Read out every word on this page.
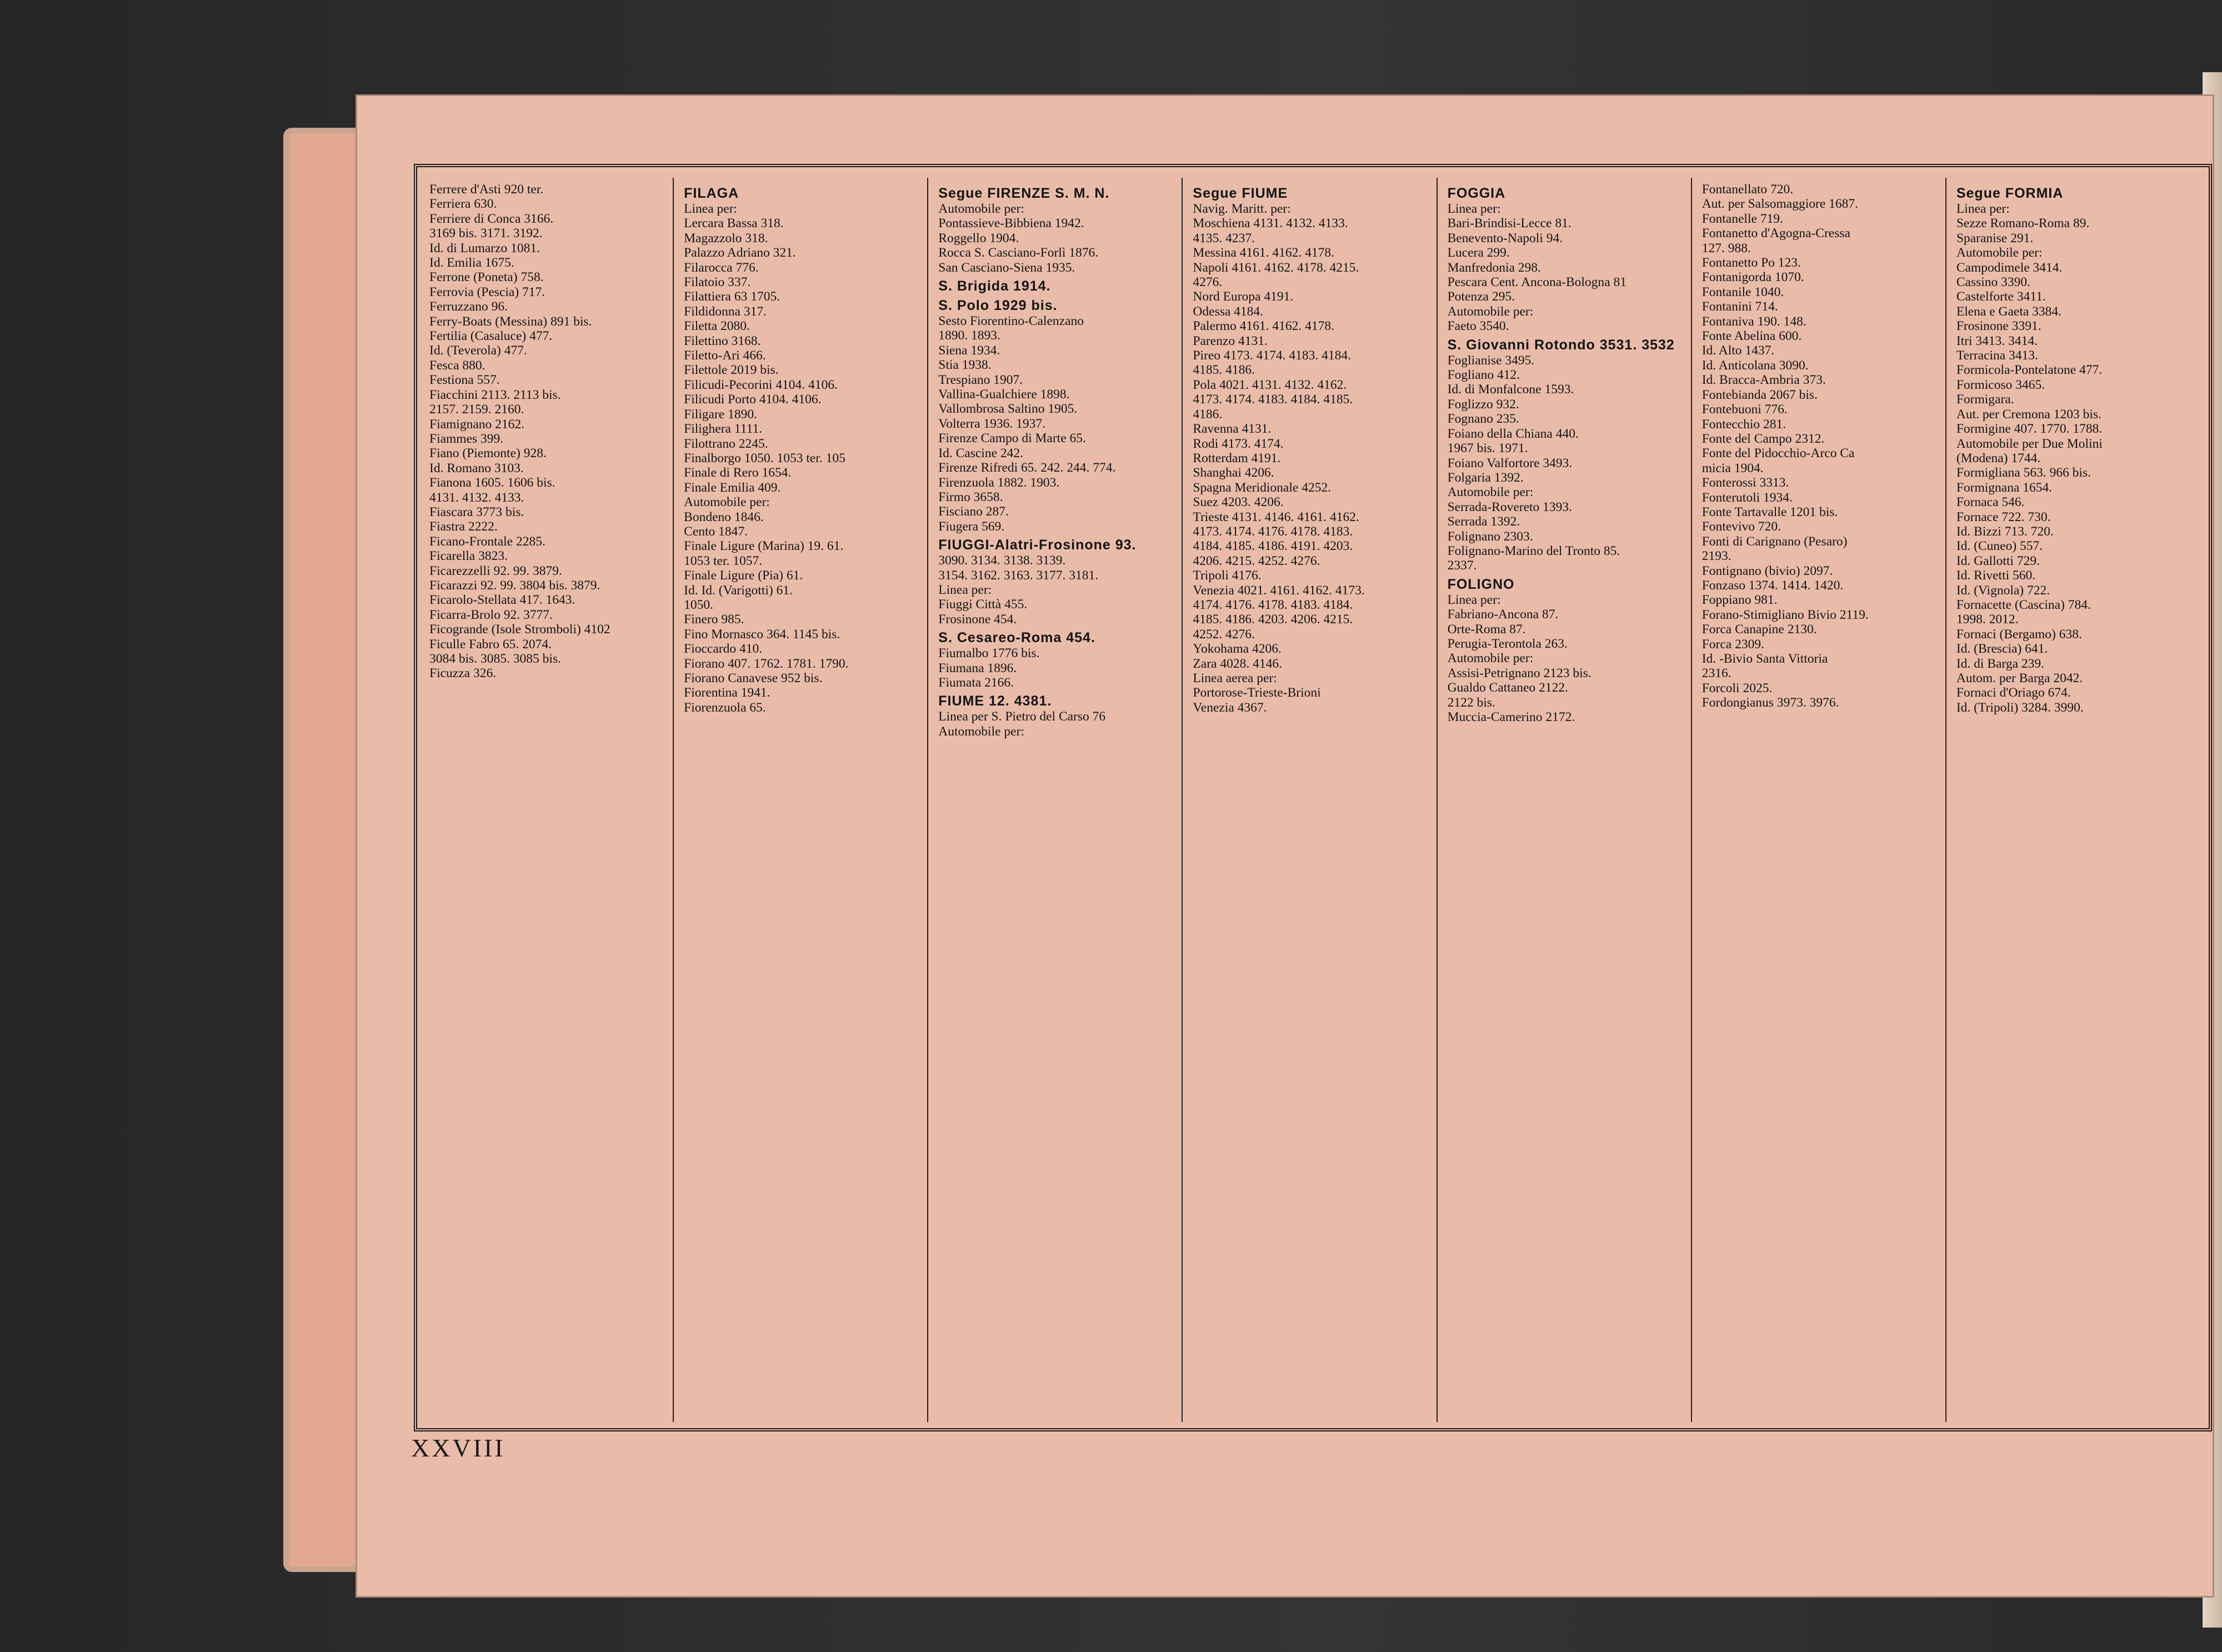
Ferrere d'Asti 920 ter.
Ferriera 630.
Ferriere di Conca 3166.
3169 bis. 3171. 3192.
Id. di Lumarzo 1081.
Id. Emilia 1675.
Ferrone (Poneta) 758.
Ferrovia (Pescia) 717.
Ferruzzano 96.
Ferry-Boats (Messina) 891 bis.
Fertilia (Casaluce) 477.
Id. (Teverola) 477.
Fesca 880.
Festiona 557.
Fiacchini 2113. 2113 bis.
2157. 2159. 2160.
Fiamignano 2162.
Fiammes 399.
Fiano (Piemonte) 928.
Id. Romano 3103.
Fianona 1605. 1606 bis.
4131. 4132. 4133.
Fiascara 3773 bis.
Fiastra 2222.
Ficano-Frontale 2285.
Ficarella 3823.
Ficarezzelli 92. 99. 3879.
Ficarazzi 92. 99. 3804 bis. 3879.
Ficarolo-Stellata 417. 1643.
Ficarra-Brolo 92. 3777.
Ficogrande (Isole Stromboli) 4102
Ficulle Fabro 65. 2074.
3084 bis. 3085. 3085 bis.
Ficuzza 326.
FILAGA
Linea per:
Lercara Bassa 318.
Magazzolo 318.
Palazzo Adriano 321.
Filarocca 776.
Filatoio 337.
Filattiera 63 1705.
Fildidonna 317.
Filetta 2080.
Filettino 3168.
Filetto-Ari 466.
Filettole 2019 bis.
Filicudi-Pecorini 4104. 4106.
Filicudi Porto 4104. 4106.
Filigare 1890.
Filighera 1111.
Filottrano 2245.
Finalborgo 1050. 1053 ter. 105
Finale di Rero 1654.
Finale Emilia 409.
Automobile per:
Bondeno 1846.
Cento 1847.
Finale Ligure (Marina) 19. 61.
1053 ter. 1057.
Finale Ligure (Pia) 61.
Id. Id. (Varigotti) 61.
1050.
Finero 985.
Fino Mornasco 364. 1145 bis.
Fioccardo 410.
Fiorano 407. 1762. 1781. 1790.
Fiorano Canavese 952 bis.
Fiorentina 1941.
Fiorenzuola 65.
Segue FIRENZE S. M. N.
Automobile per:
Pontassieve-Bibbiena 1942.
Roggello 1904.
Rocca S. Casciano-Forlì 1876.
San Casciano-Siena 1935.
S. Brigida 1914.
S. Polo 1929 bis.
Sesto Fiorentino-Calenzano
1890. 1893.
Siena 1934.
Stia 1938.
Trespiano 1907.
Vallina-Gualchiere 1898.
Vallombrosa Saltino 1905.
Volterra 1936. 1937.
Firenze Campo di Marte 65.
Id. Cascine 242.
Firenze Rifredi 65. 242. 244. 774.
Firenzuola 1882. 1903.
Firmo 3658.
Fisciano 287.
Fiugera 569.
FIUGGI-Alatri-Frosinone 93.
3090. 3134. 3138. 3139.
3154. 3162. 3163. 3177. 3181.
Linea per:
Fiuggi Città 455.
Frosinone 454.
S. Cesareo-Roma 454.
Fiumalbo 1776 bis.
Fiumana 1896.
Fiumata 2166.
FIUME 12. 4381.
Linea per S. Pietro del Carso 76
Automobile per:
Segue FIUME
Navig. Maritt. per:
Moschiena 4131. 4132. 4133.
4135. 4237.
Messina 4161. 4162. 4178.
Napoli 4161. 4162. 4178. 4215.
4276.
Nord Europa 4191.
Odessa 4184.
Palermo 4161. 4162. 4178.
Parenzo 4131.
Pireo 4173. 4174. 4183. 4184.
4185. 4186.
Pola 4021. 4131. 4132. 4162.
4173. 4174. 4183. 4184. 4185.
4186.
Ravenna 4131.
Rodi 4173. 4174.
Rotterdam 4191.
Shanghai 4206.
Spagna Meridionale 4252.
Suez 4203. 4206.
Trieste 4131. 4146. 4161. 4162.
4173. 4174. 4176. 4178. 4183.
4184. 4185. 4186. 4191. 4203.
4206. 4215. 4252. 4276.
Tripoli 4176.
Venezia 4021. 4161. 4162. 4173.
4174. 4176. 4178. 4183. 4184.
4185. 4186. 4203. 4206. 4215.
4252. 4276.
Yokohama 4206.
Zara 4028. 4146.
Linea aerea per:
Portorose-Trieste-Brioni
Venezia 4367.
FOGGIA
Linea per:
Bari-Brindisi-Lecce 81.
Benevento-Napoli 94.
Lucera 299.
Manfredonia 298.
Pescara Cent. Ancona-Bologna 81
Potenza 295.
Automobile per:
Faeto 3540.
S. Giovanni Rotondo 3531. 3532
Foglianise 3495.
Fogliano 412.
Id. di Monfalcone 1593.
Foglizzo 932.
Fognano 235.
Foiano della Chiana 440.
1967 bis. 1971.
Foiano Valfortore 3493.
Folgaria 1392.
Automobile per:
Serrada-Rovereto 1393.
Serrada 1392.
Folignano 2303.
Folignano-Marino del Tronto 85.
2337.
FOLIGNO
Linea per:
Fabriano-Ancona 87.
Orte-Roma 87.
Perugia-Terontola 263.
Automobile per:
Assisi-Petrignano 2123 bis.
Gualdo Cattaneo 2122.
2122 bis.
Muccia-Camerino 2172.
Fontanellato 720.
Aut. per Salsomaggiore 1687.
Fontanelle 719.
Fontanetto d'Agogna-Cressa
127. 988.
Fontanetto Po 123.
Fontanigorda 1070.
Fontanile 1040.
Fontanini 714.
Fontaniva 190. 148.
Fonte Abelina 600.
Id. Alto 1437.
Id. Anticolana 3090.
Id. Bracca-Ambria 373.
Fontebianda 2067 bis.
Fontebuoni 776.
Fontecchio 281.
Fonte del Campo 2312.
Fonte del Pidocchio-Arco Ca
micia 1904.
Fonterossi 3313.
Fonterutoli 1934.
Fonte Tartavalle 1201 bis.
Fontevivo 720.
Fonti di Carignano (Pesaro)
2193.
Fontignano (bivio) 2097.
Fonzaso 1374. 1414. 1420.
Foppiano 981.
Forano-Stimigliano Bivio 2119.
Forca Canapine 2130.
Forca 2309.
Id. -Bivio Santa Vittoria
2316.
Forcoli 2025.
Fordongianus 3973. 3976.
Segue FORMIA
Linea per:
Sezze Romano-Roma 89.
Sparanise 291.
Automobile per:
Campodimele 3414.
Cassino 3390.
Castelforte 3411.
Elena e Gaeta 3384.
Frosinone 3391.
Itri 3413. 3414.
Terracina 3413.
Formicola-Pontelatone 477.
Formicoso 3465.
Formigara.
Aut. per Cremona 1203 bis.
Formigine 407. 1770. 1788.
Automobile per Due Molini
(Modena) 1744.
Formigliana 563. 966 bis.
Formignana 1654.
Fornaca 546.
Fornace 722. 730.
Id. Bizzi 713. 720.
Id. (Cuneo) 557.
Id. Gallotti 729.
Id. Rivetti 560.
Id. (Vignola) 722.
Fornacette (Cascina) 784.
1998. 2012.
Fornaci (Bergamo) 638.
Id. (Brescia) 641.
Id. di Barga 239.
Autom. per Barga 2042.
Fornaci d'Oriago 674.
Id. (Tripoli) 3284. 3990.
XXVIII
